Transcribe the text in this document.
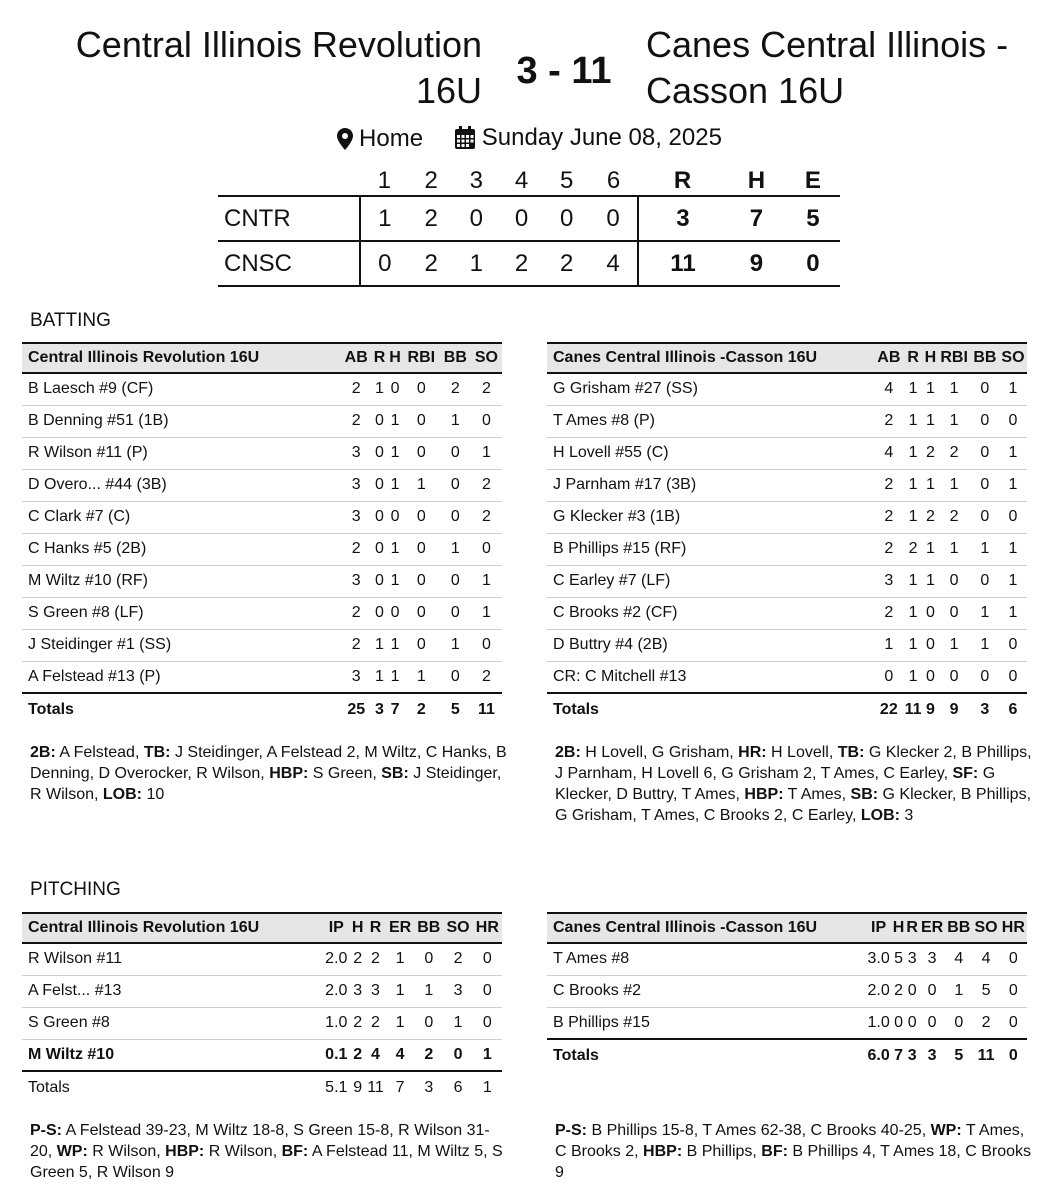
Central Illinois Revolution 16U 3 - 11
Canes Central Illinois -Casson 16U
Home
Sunday June 08, 2025
	1	2	3	4	5	6	R	H	E
CNTR	1	2	0	0	0	0	3	7	5
CNSC	0	2	1	2	2	4	11	9	0
BATTING
Central Illinois Revolution 16U	AB	R	H	RBI	BB	SO
B Laesch #9 (CF)	2	1	0	0	2	2
B Denning #51 (1B)	2	0	1	0	1	0
R Wilson #11 (P)	3	0	1	0	0	1
D Overo... #44 (3B)	3	0	1	1	0	2
C Clark #7 (C)	3	0	0	0	0	2
C Hanks #5 (2B)	2	0	1	0	1	0
M Wiltz #10 (RF)	3	0	1	0	0	1
S Green #8 (LF)	2	0	0	0	0	1
J Steidinger #1 (SS)	2	1	1	0	1	0
A Felstead #13 (P)	3	1	1	1	0	2
Totals	25	3	7	2	5	11
Canes Central Illinois -Casson 16U	AB	R	H	RBI	BB	SO
G Grisham #27 (SS)	4	1	1	1	0	1
T Ames #8 (P)	2	1	1	1	0	0
H Lovell #55 (C)	4	1	2	2	0	1
J Parnham #17 (3B)	2	1	1	1	0	1
G Klecker #3 (1B)	2	1	2	2	0	0
B Phillips #15 (RF)	2	2	1	1	1	1
C Earley #7 (LF)	3	1	1	0	0	1
C Brooks #2 (CF)	2	1	0	0	1	1
D Buttry #4 (2B)	1	1	0	1	1	0
CR: C Mitchell #13	0	1	0	0	0	0
Totals	22	11	9	9	3	6
2B: A Felstead, TB: J Steidinger, A Felstead 2, M Wiltz, C Hanks, B Denning, D Overocker, R Wilson, HBP: S Green, SB: J Steidinger, R Wilson, LOB: 10
2B: H Lovell, G Grisham, HR: H Lovell, TB: G Klecker 2, B Phillips, J Parnham, H Lovell 6, G Grisham 2, T Ames, C Earley, SF: G Klecker, D Buttry, T Ames, HBP: T Ames, SB: G Klecker, B Phillips, G Grisham, T Ames, C Brooks 2, C Earley, LOB: 3
PITCHING
Central Illinois Revolution 16U	IP	H	R	ER	BB	SO	HR
R Wilson #11	2.0	2	2	1	0	2	0
A Felst... #13	2.0	3	3	1	1	3	0
S Green #8	1.0	2	2	1	0	1	0
M Wiltz #10	0.1	2	4	4	2	0	1
Totals	5.1	9	11	7	3	6	1
Canes Central Illinois -Casson 16U	IP	H	R	ER	BB	SO	HR
T Ames #8	3.0	5	3	3	4	4	0
C Brooks #2	2.0	2	0	0	1	5	0
B Phillips #15	1.0	0	0	0	0	2	0
Totals	6.0	7	3	3	5	11	0
P-S: A Felstead 39-23, M Wiltz 18-8, S Green 15-8, R Wilson 31-20, WP: R Wilson, HBP: R Wilson, BF: A Felstead 11, M Wiltz 5, S Green 5, R Wilson 9
P-S: B Phillips 15-8, T Ames 62-38, C Brooks 40-25, WP: T Ames, C Brooks 2, HBP: B Phillips, BF: B Phillips 4, T Ames 18, C Brooks 9
